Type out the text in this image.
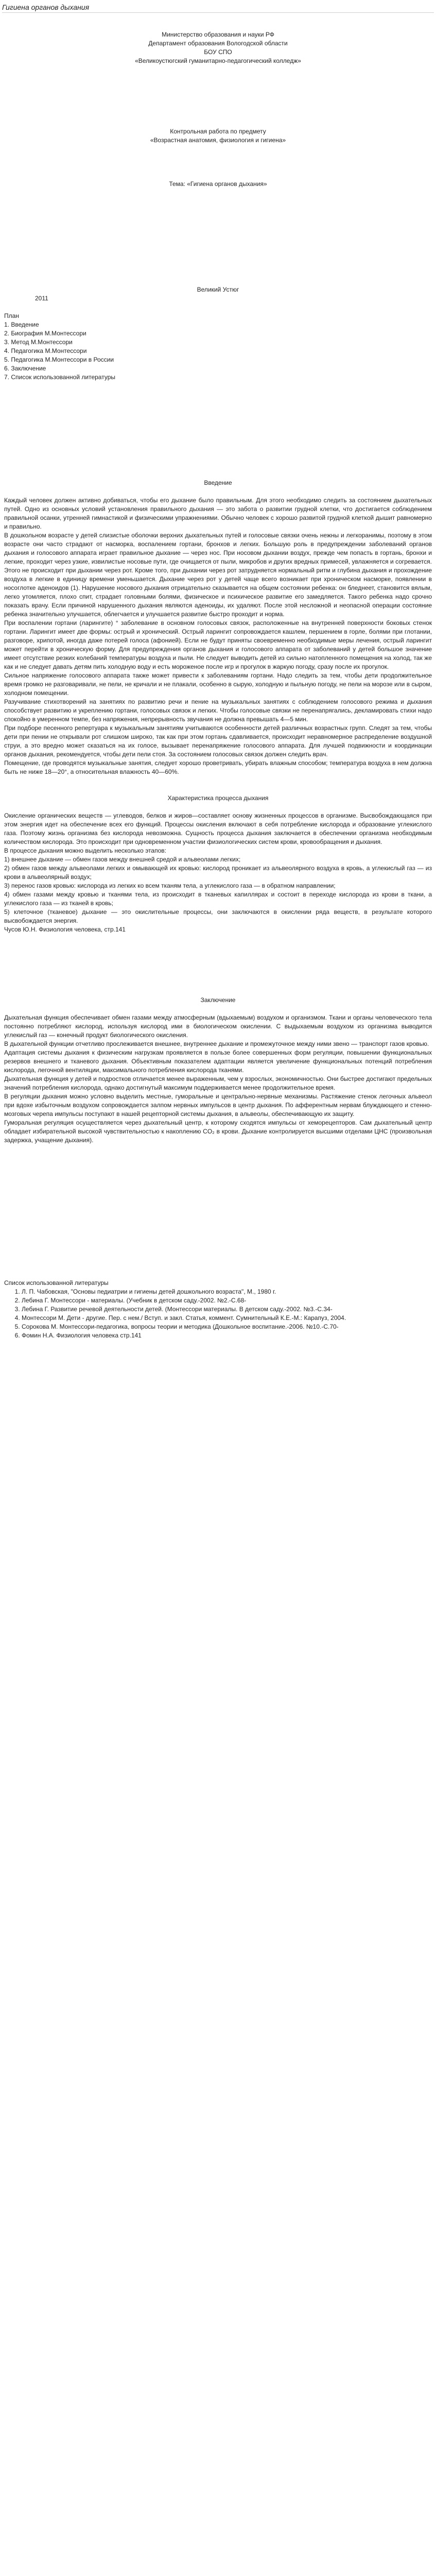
Гигиена органов дыхания

Министерство образования и науки РФ

Департамент образования Вологодской области

БОУ СПО

«Великоустюгский гуманитарно-педагогический колледж»

Контрольная работа по предмету

«Возрастная анатомия, физиология и гигиена»

Тема: «Гигиена органов дыхания»

Великий Устюг

2011

План

1. Введение
2. Биография М.Монтессори
3. Метод М.Монтессори
4. Педагогика М.Монтессори
5. Педагогика М.Монтессори в России
6. Заключение
7. Список использованной литературы

Введение

Каждый человек должен активно добиваться, чтобы его дыхание было правильным. Для этого необходимо следить за состоянием дыхательных путей. Одно из основных условий установления правильного дыхания — это забота о развитии грудной клетки, что достигается соблюдением правильной осанки, утренней гимнастикой и физическими упражнениями. Обычно человек с хорошо развитой грудной клеткой дышит равномерно и правильно.

В дошкольном возрасте у детей слизистые оболочки верхних дыхательных путей и голосовые связки очень нежны и легкоранимы, поэтому в этом возрасте они часто страдают от насморка, воспалением гортани, бронхов и легких. Большую роль в предупреждении заболеваний органов дыхания и голосового аппарата играет правильное дыхание — через нос. При носовом дыхании воздух, прежде чем попасть в гортань, бронхи и легкие, проходит через узкие, извилистые носовые пути, где очищается от пыли, микробов и других вредных примесей, увлажняется и согревается. Этого не происходит при дыхании через рот. Кроме того, при дыхании через рот затрудняется нормальный ритм и глубина дыхания и прохождение воздуха в легкие в единицу времени уменьшается. Дыхание через рот у детей чаще всего возникает при хроническом насморке, появлении в носоглотке аденоидов (1). Нарушение носового дыхания отрицательно сказывается на общем состоянии ребенка: он бледнеет, становится вялым, легко утомляется, плохо спит, страдает головными болями, физическое и психическое развитие его замедляется. Такого ребенка надо срочно показать врачу. Если причиной нарушенного дыхания являются аденоиды, их удаляют. После этой несложной и неопасной операции состояние ребенка значительно улучшается, облегчается и улучшается развитие быстро проходит и норма.

При воспалении гортани (ларингите) ° заболевание в основном голосовых связок, расположенные на внутренней поверхности боковых стенок гортани. Ларингит имеет две формы: острый и хронический. Острый ларингит сопровождается кашлем, першением в горле, болями при глотании, разговоре, хрипотой, иногда даже потерей голоса (афонией). Если не будут приняты своевременно необходимые меры лечения, острый ларингит может перейти в хроническую форму. Для предупреждения органов дыхания и голосового аппарата от заболеваний у детей большое значение имеет отсутствие резких колебаний температуры воздуха и пыли. Не следует выводить детей из сильно натопленного помещения на холод, так же как и не следует давать детям пить холодную воду и есть мороженое после игр и прогулок в жаркую погоду, сразу после их прогулок.

Сильное напряжение голосового аппарата также может привести к заболеваниям гортани. Надо следить за тем, чтобы дети продолжительное время громко не разговаривали, не пели, не кричали и не плакали, особенно в сырую, холодную и пыльную погоду, не пели на морозе или в сыром, холодном помещении.

Разучивание стихотворений на занятиях по развитию речи и пение на музыкальных занятиях с соблюдением голосового режима и дыхания способствует развитию и укреплению гортани, голосовых связок и легких. Чтобы голосовые связки не перенапрягались, декламировать стихи надо спокойно в умеренном темпе, без напряжения, непрерывность звучания не должна превышать 4—5 мин.

При подборе песенного репертуара к музыкальным занятиям учитываются особенности детей различных возрастных групп. Следят за тем, чтобы дети при пении не открывали рот слишком широко, так как при этом гортань сдавливается, происходит неравномерное распределение воздушной струи, а это вредно может сказаться на их голосе, вызывает перенапряжение голосового аппарата. Для лучшей подвижности и координации органов дыхания, рекомендуется, чтобы дети пели стоя. За состоянием голосовых связок должен следить врач.

Помещение, где проводятся музыкальные занятия, следует хорошо проветривать, убирать влажным способом; температура воздуха в нем должна быть не ниже 18—20°, а относительная влажность 40—60%.

Характеристика процесса дыхания

Окисление органических веществ — углеводов, белков и жиров—составляет основу жизненных процессов в организме. Высвобождающаяся при этом энергия идет на обеспечение всех его функций. Процессы окисления включают в себя потребление кислорода и образование углекислого газа. Поэтому жизнь организма без кислорода невозможна. Сущность процесса дыхания заключается в обеспечении организма необходимым количеством кислорода. Это происходит при одновременном участии физиологических систем крови, кровообращения и дыхания.

В процессе дыхания можно выделить несколько этапов:

1) внешнее дыхание — обмен газов между внешней средой и альвеолами легких;

2) обмен газов между альвеолами легких и омывающей их кровью: кислород проникает из альвеолярного воздуха в кровь, а углекислый газ — из крови в альвеолярный воздух;

3) перенос газов кровью: кислорода из легких ко всем тканям тела, а углекислого газа — в обратном направлении;

4) обмен газами между кровью и тканями тела, из происходит в тканевых капиллярах и состоит в переходе кислорода из крови в ткани, а углекислого газа — из тканей в кровь;

5) клеточное (тканевое) дыхание — это окислительные процессы, они заключаются в окислении ряда веществ, в результате которого высвобождается энергия.

Чусов Ю.Н. Физиология человека, стр.141

Заключение

Дыхательная функция обеспечивает обмен газами между атмосферным (вдыхаемым) воздухом и организмом. Ткани и органы человеческого тела постоянно потребляют кислород, используя кислород ими в биологическом окислении. С выдыхаемым воздухом из организма выводится углекислый газ — конечный продукт биологического окисления.

В дыхательной функции отчетливо прослеживается внешнее, внутреннее дыхание и промежуточное между ними звено — транспорт газов кровью.

Адаптация системы дыхания к физическим нагрузкам проявляется в пользе более совершенных форм регуляции, повышении функциональных резервов внешнего и тканевого дыхания. Объективным показателем адаптации является увеличение функциональных потенций потребления кислорода, легочной вентиляции, максимального потребления кислорода тканями.

Дыхательная функция у детей и подростков отличается менее выраженным, чем у взрослых, экономичностью. Они быстрее достигают предельных значений потребления кислорода, однако достигнутый максимум поддерживается менее продолжительное время.

В регуляции дыхания можно условно выделить местные, гуморальные и центрально-нервные механизмы. Растяжение стенок легочных альвеол при вдохе избыточным воздухом сопровождается залпом нервных импульсов в центр дыхания. По афферентным нервам блуждающего и стенно-мозговых черепа импульсы поступают в нашей рецепторной системы дыхания, в альвеолы, обеспечивающую их защиту.

Гуморальная регуляция осуществляется через дыхательный центр, к которому сходятся импульсы от хеморецепторов. Сам дыхательный центр обладает избирательной высокой чувствительностью к накоплению CO₂ в крови. Дыхание контролируется высшими отделами ЦНС (произвольная задержка, учащение дыхания).

Список использованной литературы

1. Л. П. Чабовская, "Основы педиатрии и гигиены детей дошкольного возраста", М., 1980 г.
2. Лебина Г. Монтессори - материалы. (Учебник в детском саду.-2002. №2.-С.68-
3. Лебина Г. Развитие речевой деятельности детей. (Монтессори материалы. В детском саду.-2002. №3.-С.34-
4. Монтессори М. Дети - другие. Пер. с нем./ Вступ. и закл. Статья, коммент. Сумнительный К.Е.-М.: Карапуз, 2004.
5. Сорокова М. Монтессори-педагогика, вопросы теории и методика (Дошкольное воспитание.-2006. №10.-С.70-
6. Фомин Н.А. Физиология человека стр.141
